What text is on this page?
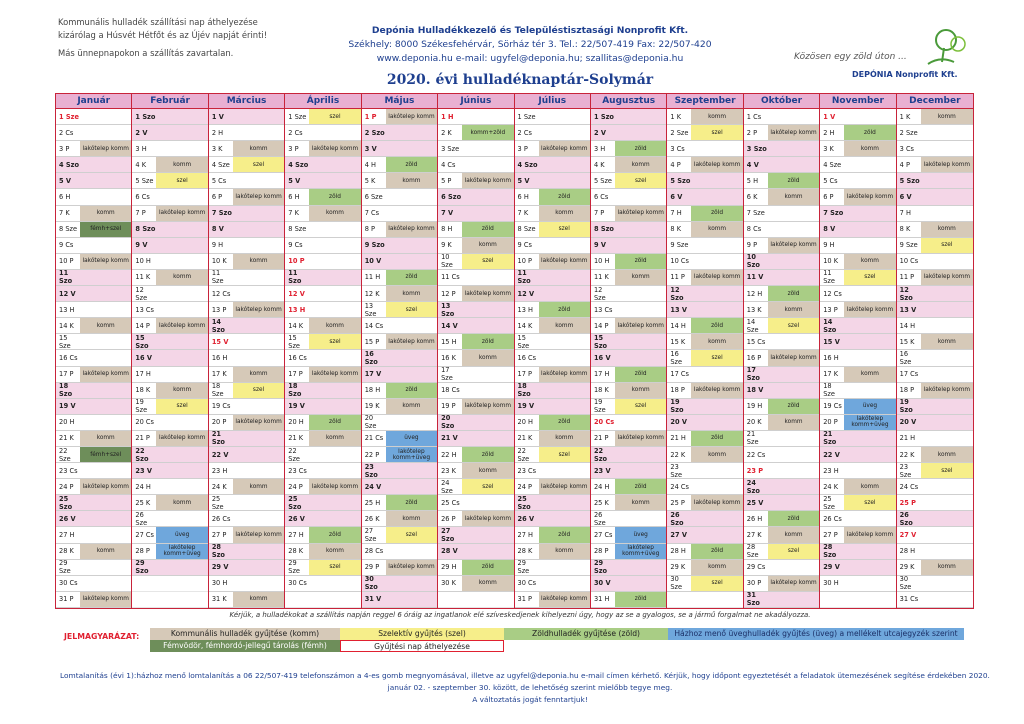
Kommunális hulladék szállítási nap áthelyezése
kizárólag a Húsvét Hétfőt és az Újév napját érinti!
Más ünnepnapokon a szállítás zavartalan.
Depónia Hulladékkezelő és Településtisztasági Nonprofit Kft.
Székhely: 8000 Székesfehérvár, Sörház tér 3. Tel.: 22/507-419 Fax: 22/507-420
www.deponia.hu e-mail: ugyfel@deponia.hu; szallitas@deponia.hu	Közösen egy zöld úton ...
DEPÓNIA Nonprofit Kft.
2020. évi hulladéknaptár-Solymár
Január
1 Sze
2 Cs
3 P	lakótelep komm
4 Szo
5 V
6 H
7 K	komm
8 Sze	fémh+szel
9 Cs
10 P	lakótelep komm
11 Szo
12 V
13 H
14 K	komm
15 Sze
16 Cs
17 P	lakótelep komm
18 Szo
19 V
20 H
21 K	komm
22 Sze	fémh+szel
23 Cs
24 P	lakótelep komm
25 Szo
26 V
27 H
28 K	komm
29 Sze
30 Cs
31 P	lakótelep komm
Február
1 Szo
2 V
3 H
4 K	komm
5 Sze	szel
6 Cs
7 P	lakótelep komm
8 Szo
9 V
10 H
11 K	komm
12 Sze
13 Cs
14 P	lakótelep komm
15 Szo
16 V
17 H
18 K	komm
19 Sze	szel
20 Cs
21 P	lakótelep komm
22 Szo
23 V
24 H
25 K	komm
26 Sze
27 Cs	üveg
28 P	lakótelep komm+üveg
29 Szo
Március
1 V
2 H
3 K	komm
4 Sze	szel
5 Cs
6 P	lakótelep komm
7 Szo
8 V
9 H
10 K	komm
11 Sze
12 Cs
13 P	lakótelep komm
14 Szo
15 V
16 H
17 K	komm
18 Sze	szel
19 Cs
20 P	lakótelep komm
21 Szo
22 V
23 H
24 K	komm
25 Sze
26 Cs
27 P	lakótelep komm
28 Szo
29 V
30 H
31 K	komm
Április
1 Sze	szel
2 Cs
3 P	lakótelep komm
4 Szo
5 V
6 H	zöld
7 K	komm
8 Sze
9 Cs
10 P
11 Szo
12 V
13 H
14 K	komm
15 Sze	szel
16 Cs
17 P	lakótelep komm
18 Szo
19 V
20 H	zöld
21 K	komm
22 Sze
23 Cs
24 P	lakótelep komm
25 Szo
26 V
27 H	zöld
28 K	komm
29 Sze	szel
30 Cs
Május
1 P	lakótelep komm
2 Szo
3 V
4 H	zöld
5 K	komm
6 Sze
7 Cs
8 P	lakótelep komm
9 Szo
10 V
11 H	zöld
12 K	komm
13 Sze	szel
14 Cs
15 P	lakótelep komm
16 Szo
17 V
18 H	zöld
19 K	komm
20 Sze
21 Cs	üveg
22 P	lakótelep komm+üveg
23 Szo
24 V
25 H	zöld
26 K	komm
27 Sze	szel
28 Cs
29 P	lakótelep komm
30 Szo
31 V
Június
1 H
2 K	komm+zöld
3 Sze
4 Cs
5 P	lakótelep komm
6 Szo
7 V
8 H	zöld
9 K	komm
10 Sze	szel
11 Cs
12 P	lakótelep komm
13 Szo
14 V
15 H	zöld
16 K	komm
17 Sze
18 Cs
19 P	lakótelep komm
20 Szo
21 V
22 H	zöld
23 K	komm
24 Sze	szel
25 Cs
26 P	lakótelep komm
27 Szo
28 V
29 H	zöld
30 K	komm
Július
1 Sze
2 Cs
3 P	lakótelep komm
4 Szo
5 V
6 H	zöld
7 K	komm
8 Sze	szel
9 Cs
10 P	lakótelep komm
11 Szo
12 V
13 H	zöld
14 K	komm
15 Sze
16 Cs
17 P	lakótelep komm
18 Szo
19 V
20 H	zöld
21 K	komm
22 Sze	szel
23 Cs
24 P	lakótelep komm
25 Szo
26 V
27 H	zöld
28 K	komm
29 Sze
30 Cs
31 P	lakótelep komm
Augusztus
1 Szo
2 V
3 H	zöld
4 K	komm
5 Sze	szel
6 Cs
7 P	lakótelep komm
8 Szo
9 V
10 H	zöld
11 K	komm
12 Sze
13 Cs
14 P	lakótelep komm
15 Szo
16 V
17 H	zöld
18 K	komm
19 Sze	szel
20 Cs
21 P	lakótelep komm
22 Szo
23 V
24 H	zöld
25 K	komm
26 Sze
27 Cs	üveg
28 P	lakótelep komm+üveg
29 Szo
30 V
31 H	zöld
Szeptember
1 K	komm
2 Sze	szel
3 Cs
4 P	lakótelep komm
5 Szo
6 V
7 H	zöld
8 K	komm
9 Sze
10 Cs
11 P	lakótelep komm
12 Szo
13 V
14 H	zöld
15 K	komm
16 Sze	szel
17 Cs
18 P	lakótelep komm
19 Szo
20 V
21 H	zöld
22 K	komm
23 Sze
24 Cs
25 P	lakótelep komm
26 Szo
27 V
28 H	zöld
29 K	komm
30 Sze	szel
Október
1 Cs
2 P	lakótelep komm
3 Szo
4 V
5 H	zöld
6 K	komm
7 Sze
8 Cs
9 P	lakótelep komm
10 Szo
11 V
12 H	zöld
13 K	komm
14 Sze	szel
15 Cs
16 P	lakótelep komm
17 Szo
18 V
19 H	zöld
20 K	komm
21 Sze
22 Cs
23 P
24 Szo
25 V
26 H	zöld
27 K	komm
28 Sze	szel
29 Cs
30 P	lakótelep komm
31 Szo
November
1 V
2 H	zöld
3 K	komm
4 Sze
5 Cs
6 P	lakótelep komm
7 Szo
8 V
9 H
10 K	komm
11 Sze	szel
12 Cs
13 P	lakótelep komm
14 Szo
15 V
16 H
17 K	komm
18 Sze
19 Cs	üveg
20 P	lakótelep komm+üveg
21 Szo
22 V
23 H
24 K	komm
25 Sze	szel
26 Cs
27 P	lakótelep komm
28 Szo
29 V
30 H
December
1 K	komm
2 Sze
3 Cs
4 P	lakótelep komm
5 Szo
6 V
7 H
8 K	komm
9 Sze	szel
10 Cs
11 P	lakótelep komm
12 Szo
13 V
14 H
15 K	komm
16 Sze
17 Cs
18 P	lakótelep komm
19 Szo
20 V
21 H
22 K	komm
23 Sze	szel
24 Cs
25 P
26 Szo
27 V
28 H
29 K	komm
30 Sze
31 Cs
Kérjük, a hulladékokat a szállítás napján reggel 6 óráig az ingatlanok elé szíveskedjenek kihelyezni úgy, hogy az se a gyalogos, se a jármű forgalmat ne akadályozza.
JELMAGYARÁZAT:	Kommunális hulladék gyűjtése (komm)	Szelektív gyűjtés (szel)	Zöldhulladék gyűjtése (zöld)	Házhoz menő üveghulladék gyűjtés (üveg) a mellékelt utcajegyzék szerint
Fémvödör, fémhordó-jellegű tárolás (fémh)	Gyűjtési nap áthelyezése
Lomtalanítás (évi 1):házhoz menő lomtalanítás a 06 22/507-419 telefonszámon a 4-es gomb megnyomásával, illetve az ugyfel@deponia.hu e-mail címen kérhető. Kérjük, hogy időpont egyeztetését a feladatok ütemezésének segítése érdekében 2020.
január 02. - szeptember 30. között, de lehetőség szerint mielőbb tegye meg.
A változtatás jogát fenntartjuk!
